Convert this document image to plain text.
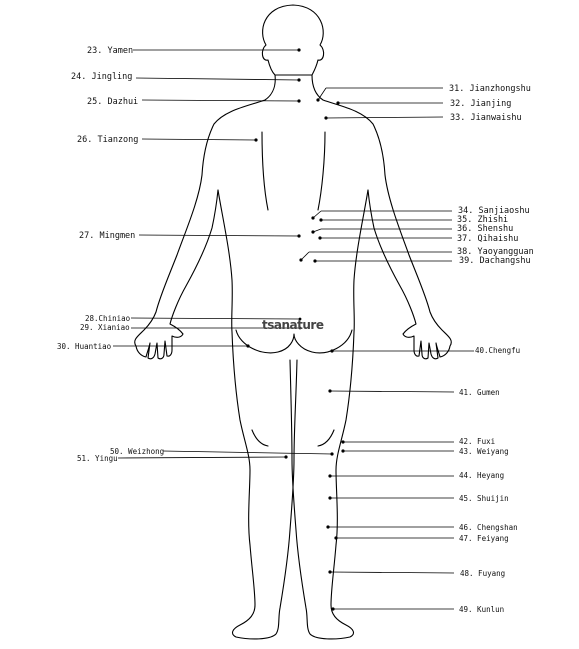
23. Yamen
24. Jingling
25. Dazhui
26. Tianzong
27. Mingmen
28.Chiniao
29. Xianiao
30. Huantiao
31. Jianzhongshu
32. Jianjing
33. Jianwaishu
34. Sanjiaoshu
35. Zhishi
36. Shenshu
37. Qihaishu
38. Yaoyangguan
39. Dachangshu
40.Chengfu
41. Gumen
42. Fuxi
43. Weiyang
44. Heyang
45. Shuijin
46. Chengshan
47. Feiyang
48. Fuyang
49. Kunlun
50. Weizhong
51. Yingu
tsanature
